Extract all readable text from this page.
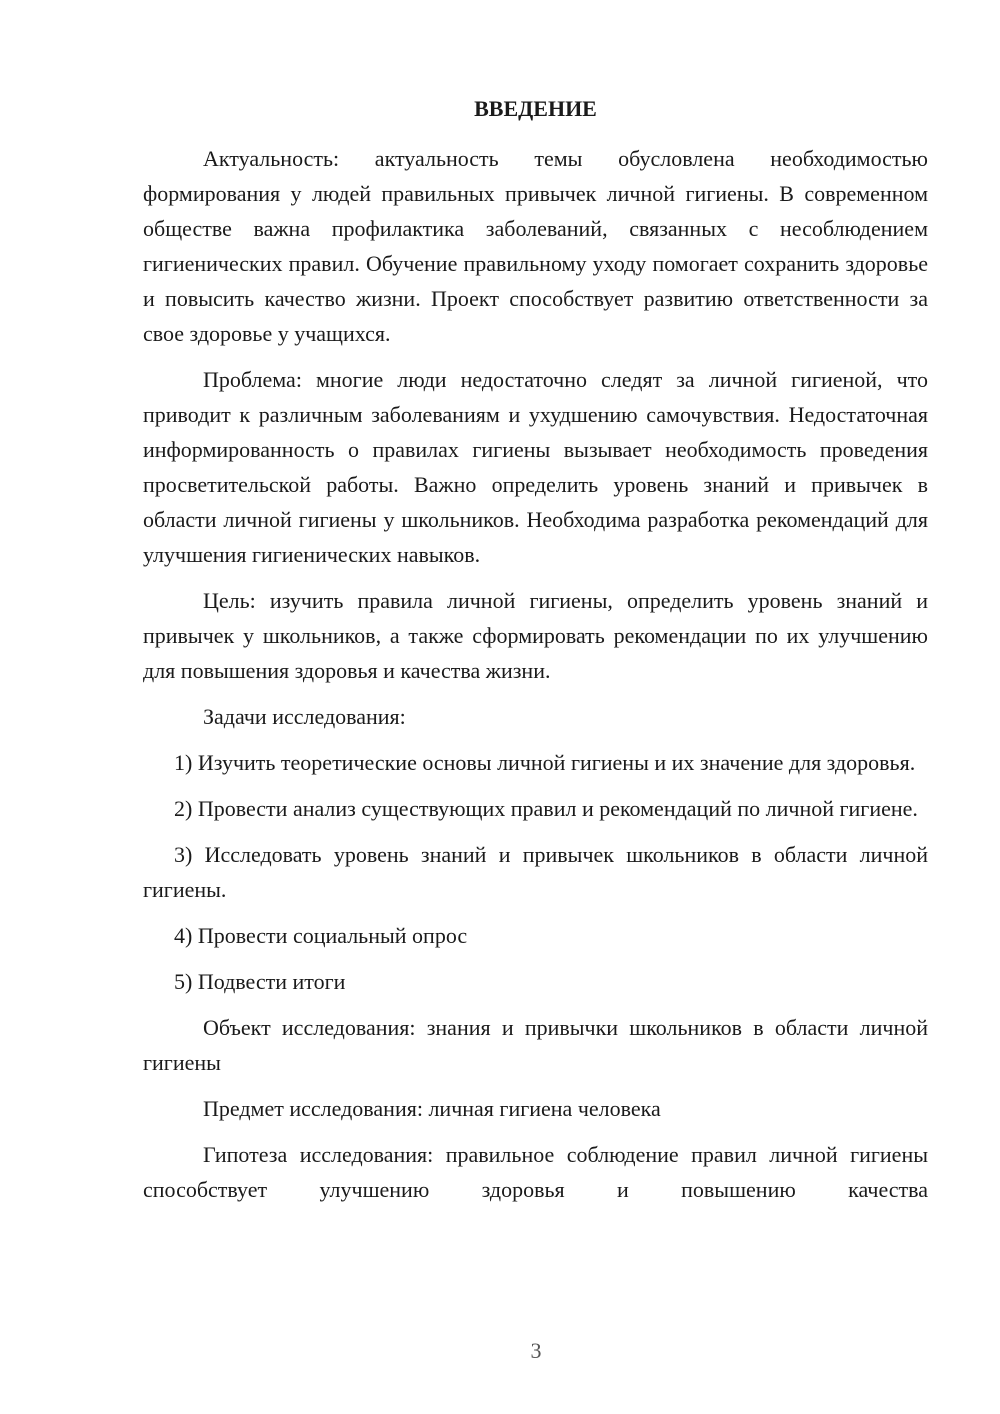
ВВЕДЕНИЕ

Актуальность: актуальность темы обусловлена необходимостью формирования у людей правильных привычек личной гигиены. В современном обществе важна профилактика заболеваний, связанных с несоблюдением гигиенических правил. Обучение правильному уходу помогает сохранить здоровье и повысить качество жизни. Проект способствует развитию ответственности за свое здоровье у учащихся.

Проблема: многие люди недостаточно следят за личной гигиеной, что приводит к различным заболеваниям и ухудшению самочувствия. Недостаточная информированность о правилах гигиены вызывает необходимость проведения просветительской работы. Важно определить уровень знаний и привычек в области личной гигиены у школьников. Необходима разработка рекомендаций для улучшения гигиенических навыков.

Цель: изучить правила личной гигиены, определить уровень знаний и привычек у школьников, а также сформировать рекомендации по их улучшению для повышения здоровья и качества жизни.

Задачи исследования:

1) Изучить теоретические основы личной гигиены и их значение для здоровья.

2) Провести анализ существующих правил и рекомендаций по личной гигиене.

3) Исследовать уровень знаний и привычек школьников в области личной гигиены.

4) Провести социальный опрос

5) Подвести итоги

Объект исследования: знания и привычки школьников в области личной гигиены

Предмет исследования: личная гигиена человека

Гипотеза исследования: правильное соблюдение правил личной гигиены способствует улучшению здоровья и повышению качества

3
